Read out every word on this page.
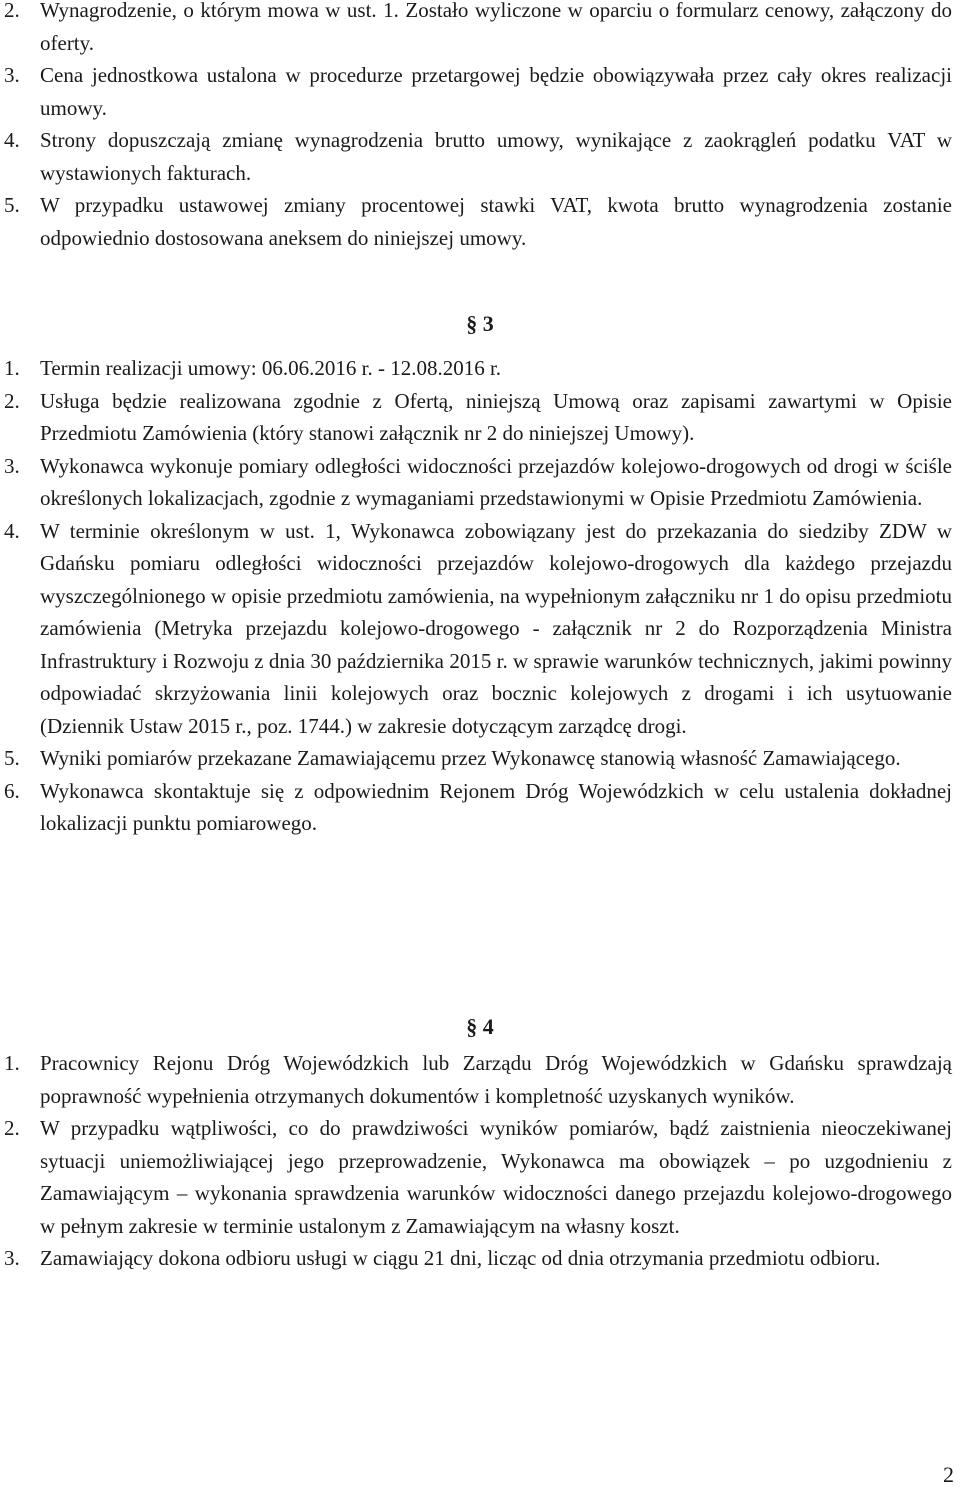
2. Wynagrodzenie, o którym mowa w ust. 1. Zostało wyliczone w oparciu o formularz cenowy, załączony do oferty.
3. Cena jednostkowa ustalona w procedurze przetargowej będzie obowiązywała przez cały okres realizacji umowy.
4. Strony dopuszczają zmianę wynagrodzenia brutto umowy, wynikające z zaokrągleń podatku VAT w wystawionych fakturach.
5. W przypadku ustawowej zmiany procentowej stawki VAT, kwota brutto wynagrodzenia zostanie odpowiednio dostosowana aneksem do niniejszej umowy.
§ 3
1. Termin realizacji umowy: 06.06.2016 r. - 12.08.2016 r.
2. Usługa będzie realizowana zgodnie z Ofertą, niniejszą Umową oraz zapisami zawartymi w Opisie Przedmiotu Zamówienia (który stanowi załącznik nr 2 do niniejszej Umowy).
3. Wykonawca wykonuje pomiary odległości widoczności przejazdów kolejowo-drogowych od drogi w ściśle określonych lokalizacjach, zgodnie z wymaganiami przedstawionymi w Opisie Przedmiotu Zamówienia.
4. W terminie określonym w ust. 1, Wykonawca zobowiązany jest do przekazania do siedziby ZDW w Gdańsku pomiaru odległości widoczności przejazdów kolejowo-drogowych dla każdego przejazdu wyszczególnionego w opisie przedmiotu zamówienia, na wypełnionym załączniku nr 1 do opisu przedmiotu zamówienia (Metryka przejazdu kolejowo-drogowego - załącznik nr 2 do Rozporządzenia Ministra Infrastruktury i Rozwoju z dnia 30 października 2015 r. w sprawie warunków technicznych, jakimi powinny odpowiadać skrzyżowania linii kolejowych oraz bocznic kolejowych z drogami i ich usytuowanie (Dziennik Ustaw 2015 r., poz. 1744.) w zakresie dotyczącym zarządcę drogi.
5. Wyniki pomiarów przekazane Zamawiającemu przez Wykonawcę stanowią własność Zamawiającego.
6. Wykonawca skontaktuje się z odpowiednim Rejonem Dróg Wojewódzkich w celu ustalenia dokładnej lokalizacji punktu pomiarowego.
§ 4
1. Pracownicy Rejonu Dróg Wojewódzkich lub Zarządu Dróg Wojewódzkich w Gdańsku sprawdzają poprawność wypełnienia otrzymanych dokumentów i kompletność uzyskanych wyników.
2. W przypadku wątpliwości, co do prawdziwości wyników pomiarów, bądź zaistnienia nieoczekiwanej sytuacji uniemożliwiającej jego przeprowadzenie, Wykonawca ma obowiązek – po uzgodnieniu z Zamawiającym – wykonania sprawdzenia warunków widoczności danego przejazdu kolejowo-drogowego w pełnym zakresie w terminie ustalonym z Zamawiającym na własny koszt.
3. Zamawiający dokona odbioru usługi w ciągu 21 dni, licząc od dnia otrzymania przedmiotu odbioru.
2
